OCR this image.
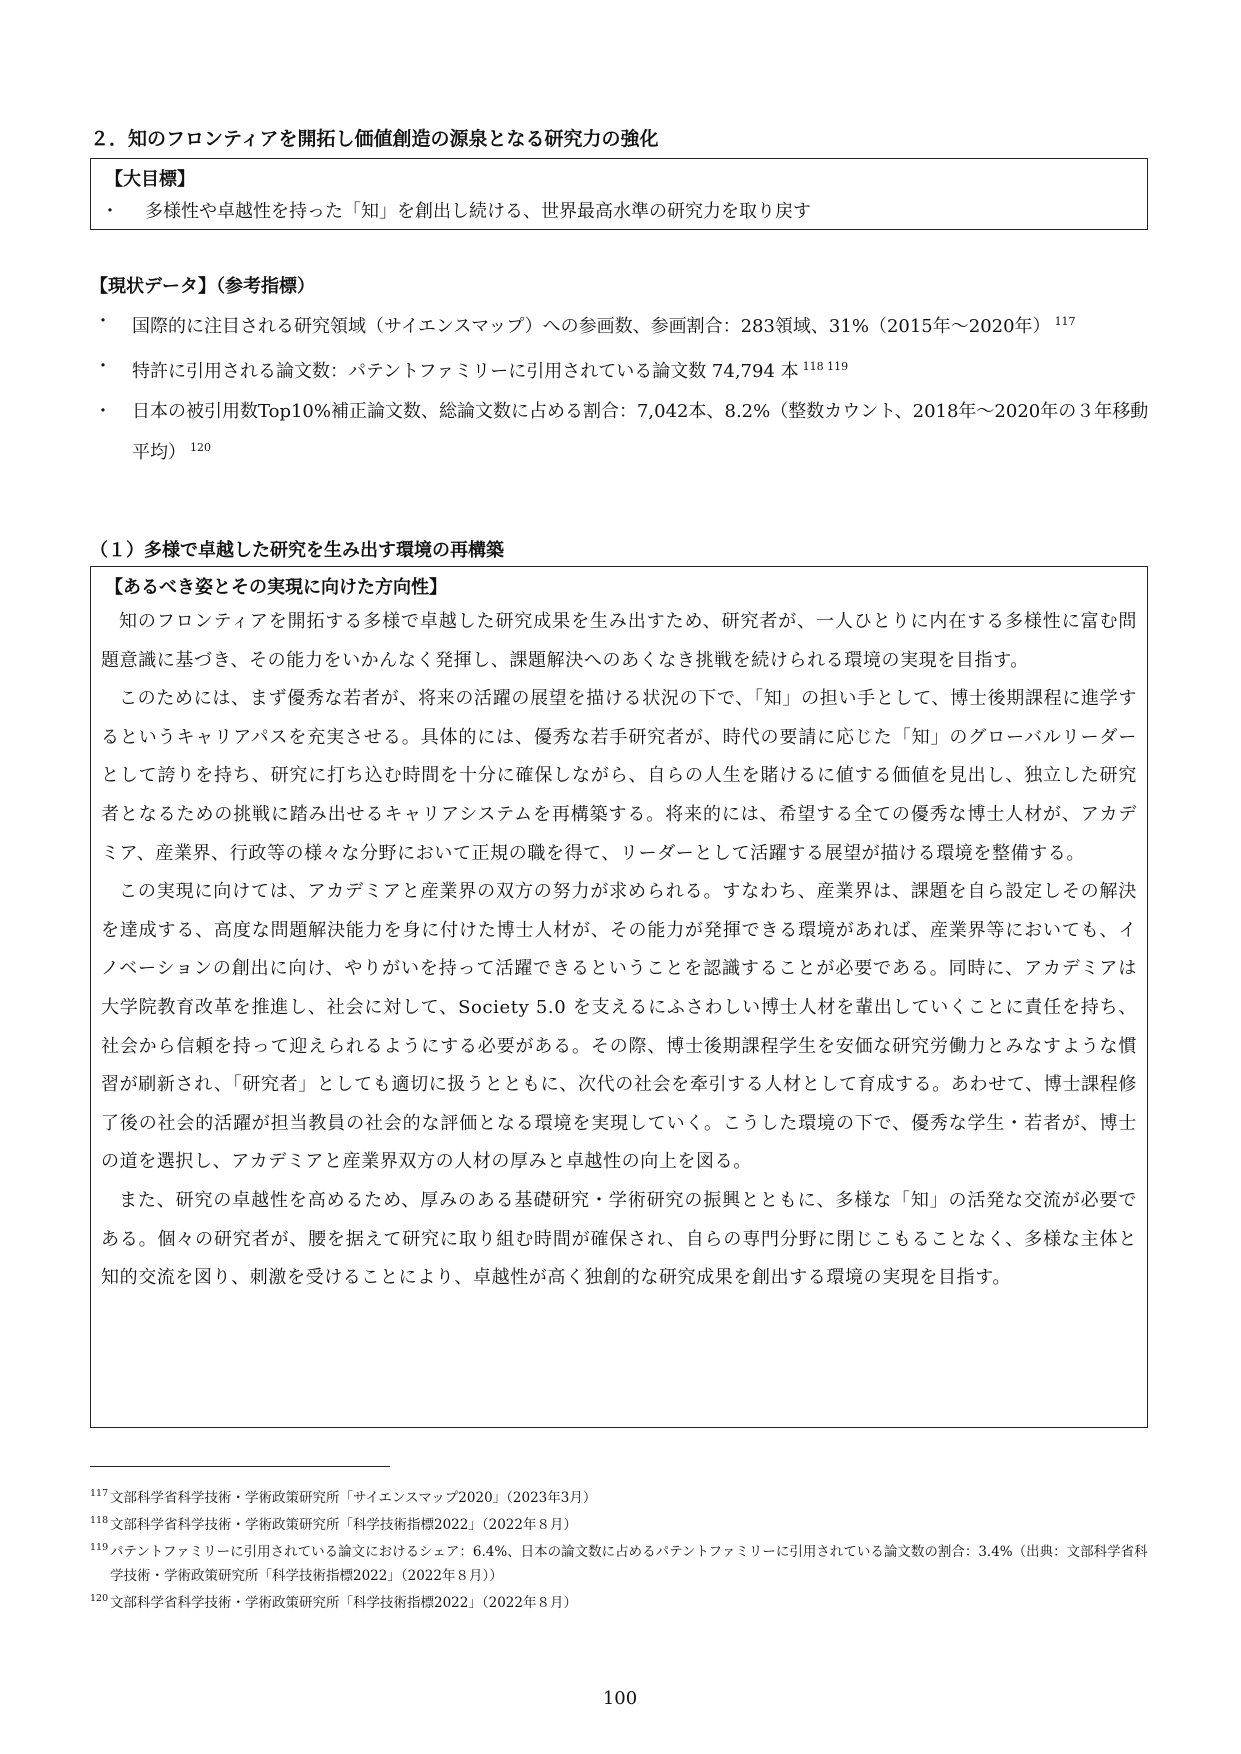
２．知のフロンティアを開拓し価値創造の源泉となる研究力の強化
【大目標】
・ 多様性や卓越性を持った「知」を創出し続ける、世界最高水準の研究力を取り戻す
【現状データ】（参考指標）
・ 国際的に注目される研究領域（サイエンスマップ）への参画数、参画割合：283領域、31%（2015年〜2020年） $^{117}$
・ 特許に引用される論文数：パテントファミリーに引用されている論文数 74,794 本 $^{118 119}$
・ 日本の被引用数Top10%補正論文数、総論文数に占める割合：7,042本、8.2%（整数カウント、2018年〜2020年の３年移動平均） $^{120}$
（１）多様で卓越した研究を生み出す環境の再構築
【あるべき姿とその実現に向けた方向性】

知のフロンティアを開拓する多様で卓越した研究成果を生み出すため、研究者が、一人ひとりに内在する多様性に富む問題意識に基づき、その能力をいかんなく発揮し、課題解決へのあくなき挑戦を続けられる環境の実現を目指す。

このためには、まず優秀な若者が、将来の活躍の展望を描ける状況の下で、「知」の担い手として、博士後期課程に進学するというキャリアパスを充実させる。具体的には、優秀な若手研究者が、時代の要請に応じた「知」のグローバルリーダーとして誇りを持ち、研究に打ち込む時間を十分に確保しながら、自らの人生を賭けるに値する価値を見出し、独立した研究者となるための挑戦に踏み出せるキャリアシステムを再構築する。将来的には、希望する全ての優秀な博士人材が、アカデミア、産業界、行政等の様々な分野において正規の職を得て、リーダーとして活躍する展望が描ける環境を整備する。

この実現に向けては、アカデミアと産業界の双方の努力が求められる。すなわち、産業界は、課題を自ら設定しその解決を達成する、高度な問題解決能力を身に付けた博士人材が、その能力が発揮できる環境があれば、産業界等においても、イノベーションの創出に向け、やりがいを持って活躍できるということを認識することが必要である。同時に、アカデミアは大学院教育改革を推進し、社会に対して、Society 5.0 を支えるにふさわしい博士人材を輩出していくことに責任を持ち、社会から信頼を持って迎えられるようにする必要がある。その際、博士後期課程学生を安価な研究労働力とみなすような慣習が刷新され、「研究者」としても適切に扱うとともに、次代の社会を牽引する人材として育成する。あわせて、博士課程修了後の社会的活躍が担当教員の社会的な評価となる環境を実現していく。こうした環境の下で、優秀な学生・若者が、博士の道を選択し、アカデミアと産業界双方の人材の厚みと卓越性の向上を図る。

また、研究の卓越性を高めるため、厚みのある基礎研究・学術研究の振興とともに、多様な「知」の活発な交流が必要である。個々の研究者が、腰を据えて研究に取り組む時間が確保され、自らの専門分野に閉じこもることなく、多様な主体と知的交流を図り、刺激を受けることにより、卓越性が高く独創的な研究成果を創出する環境の実現を目指す。

117 文部科学省科学技術・学術政策研究所「サイエンスマップ2020」（2023年3月）
118 文部科学省科学技術・学術政策研究所「科学技術指標2022」（2022年８月）
119 パテントファミリーに引用されている論文におけるシェア：6.4%、日本の論文数に占めるパテントファミリーに引用されている論文数の割合：3.4%（出典：文部科学省科学技術・学術政策研究所「科学技術指標2022」（2022年８月））
120 文部科学省科学技術・学術政策研究所「科学技術指標2022」（2022年８月）
100
